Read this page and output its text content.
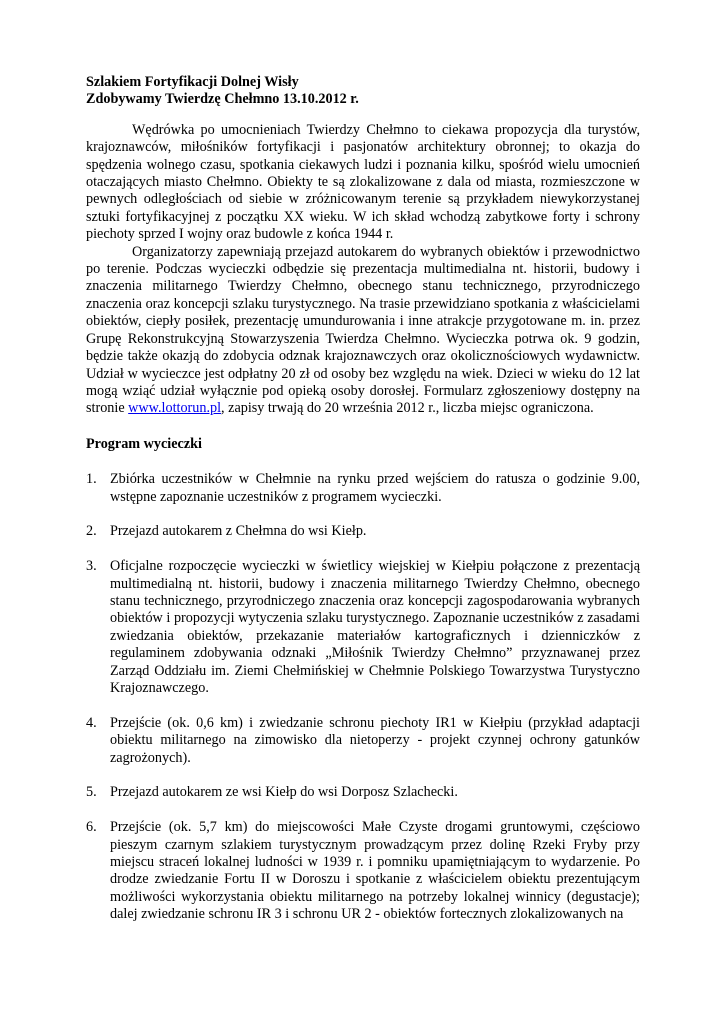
Szlakiem Fortyfikacji Dolnej Wisły

Zdobywamy Twierdzę Chełmno 13.10.2012 r.

Wędrówka po umocnieniach Twierdzy Chełmno to ciekawa propozycja dla turystów, krajoznawców, miłośników fortyfikacji i pasjonatów architektury obronnej; to okazja do spędzenia wolnego czasu, spotkania ciekawych ludzi i poznania kilku, spośród wielu umocnień otaczających miasto Chełmno. Obiekty te są zlokalizowane z dala od miasta, rozmieszczone w pewnych odległościach od siebie w zróżnicowanym terenie są przykładem niewykorzystanej sztuki fortyfikacyjnej z początku XX wieku. W ich skład wchodzą zabytkowe forty i schrony piechoty sprzed I wojny oraz budowle z końca 1944 r.

Organizatorzy zapewniają przejazd autokarem do wybranych obiektów i przewodnictwo po terenie. Podczas wycieczki odbędzie się prezentacja multimedialna nt. historii, budowy i znaczenia militarnego Twierdzy Chełmno, obecnego stanu technicznego, przyrodniczego znaczenia oraz koncepcji szlaku turystycznego. Na trasie przewidziano spotkania z właścicielami obiektów, ciepły posiłek, prezentację umundurowania i inne atrakcje przygotowane m. in. przez Grupę Rekonstrukcyjną Stowarzyszenia Twierdza Chełmno. Wycieczka potrwa ok. 9 godzin, będzie także okazją do zdobycia odznak krajoznawczych oraz okolicznościowych wydawnictw. Udział w wycieczce jest odpłatny 20 zł od osoby bez względu na wiek. Dzieci w wieku do 12 lat mogą wziąć udział wyłącznie pod opieką osoby dorosłej. Formularz zgłoszeniowy dostępny na stronie www.lottorun.pl, zapisy trwają do 20 września 2012 r., liczba miejsc ograniczona.

Program wycieczki
1. Zbiórka uczestników w Chełmnie na rynku przed wejściem do ratusza o godzinie 9.00, wstępne zapoznanie uczestników z programem wycieczki.
2. Przejazd autokarem z Chełmna do wsi Kiełp.
3. Oficjalne rozpoczęcie wycieczki w świetlicy wiejskiej w Kiełpiu połączone z prezentacją multimedialną nt. historii, budowy i znaczenia militarnego Twierdzy Chełmno, obecnego stanu technicznego, przyrodniczego znaczenia oraz koncepcji zagospodarowania wybranych obiektów i propozycji wytyczenia szlaku turystycznego. Zapoznanie uczestników z zasadami zwiedzania obiektów, przekazanie materiałów kartograficznych i dzienniczków z regulaminem zdobywania odznaki „Miłośnik Twierdzy Chełmno” przyznawanej przez Zarząd Oddziału im. Ziemi Chełmińskiej w Chełmnie Polskiego Towarzystwa Turystyczno Krajoznawczego.
4. Przejście (ok. 0,6 km) i zwiedzanie schronu piechoty IR1 w Kiełpiu (przykład adaptacji obiektu militarnego na zimowisko dla nietoperzy - projekt czynnej ochrony gatunków zagrożonych).
5. Przejazd autokarem ze wsi Kiełp do wsi Dorposz Szlachecki.
6. Przejście (ok. 5,7 km) do miejscowości Małe Czyste drogami gruntowymi, częściowo pieszym czarnym szlakiem turystycznym prowadzącym przez dolinę Rzeki Fryby przy miejscu straceń lokalnej ludności w 1939 r. i pomniku upamiętniającym to wydarzenie. Po drodze zwiedzanie Fortu II w Doroszu i spotkanie z właścicielem obiektu prezentującym możliwości wykorzystania obiektu militarnego na potrzeby lokalnej winnicy (degustacje); dalej zwiedzanie schronu IR 3 i schronu UR 2 - obiektów fortecznych zlokalizowanych na
